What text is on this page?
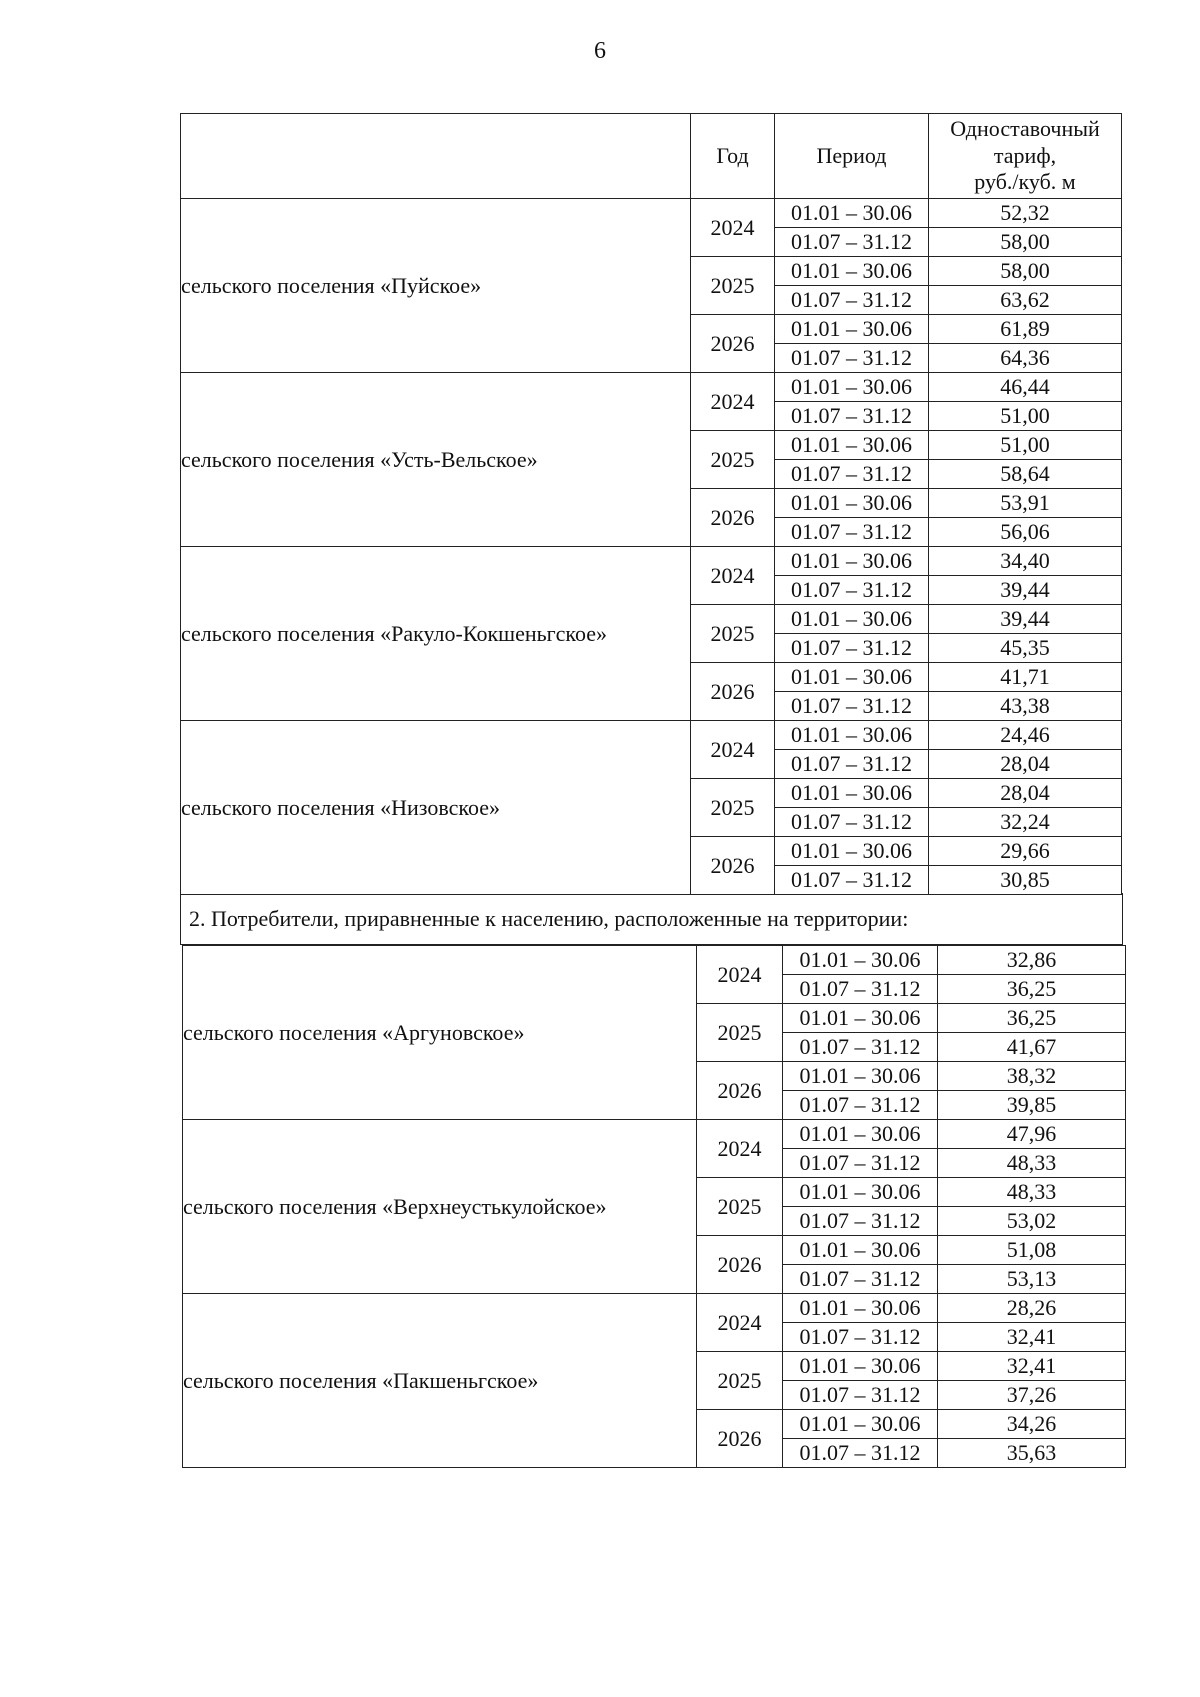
6
	Год	Период	Одноставочный
тариф,
руб./куб. м
сельского поселения «Пуйское»	2024	01.01 – 30.06	52,32
		01.07 – 31.12	58,00
	2025	01.01 – 30.06	58,00
		01.07 – 31.12	63,62
	2026	01.01 – 30.06	61,89
		01.07 – 31.12	64,36
сельского поселения «Усть-Вельское»	2024	01.01 – 30.06	46,44
		01.07 – 31.12	51,00
	2025	01.01 – 30.06	51,00
		01.07 – 31.12	58,64
	2026	01.01 – 30.06	53,91
		01.07 – 31.12	56,06
сельского поселения «Ракуло-Кокшеньгское»	2024	01.01 – 30.06	34,40
		01.07 – 31.12	39,44
	2025	01.01 – 30.06	39,44
		01.07 – 31.12	45,35
	2026	01.01 – 30.06	41,71
		01.07 – 31.12	43,38
сельского поселения «Низовское»	2024	01.01 – 30.06	24,46
		01.07 – 31.12	28,04
	2025	01.01 – 30.06	28,04
		01.07 – 31.12	32,24
	2026	01.01 – 30.06	29,66
		01.07 – 31.12	30,85
2. Потребители, приравненные к населению, расположенные на территории:
сельского поселения «Аргуновское»	2024	01.01 – 30.06	32,86
		01.07 – 31.12	36,25
	2025	01.01 – 30.06	36,25
		01.07 – 31.12	41,67
	2026	01.01 – 30.06	38,32
		01.07 – 31.12	39,85
сельского поселения «Верхнеустькулойское»	2024	01.01 – 30.06	47,96
		01.07 – 31.12	48,33
	2025	01.01 – 30.06	48,33
		01.07 – 31.12	53,02
	2026	01.01 – 30.06	51,08
		01.07 – 31.12	53,13
сельского поселения «Пакшеньгское»	2024	01.01 – 30.06	28,26
		01.07 – 31.12	32,41
	2025	01.01 – 30.06	32,41
		01.07 – 31.12	37,26
	2026	01.01 – 30.06	34,26
		01.07 – 31.12	35,63
